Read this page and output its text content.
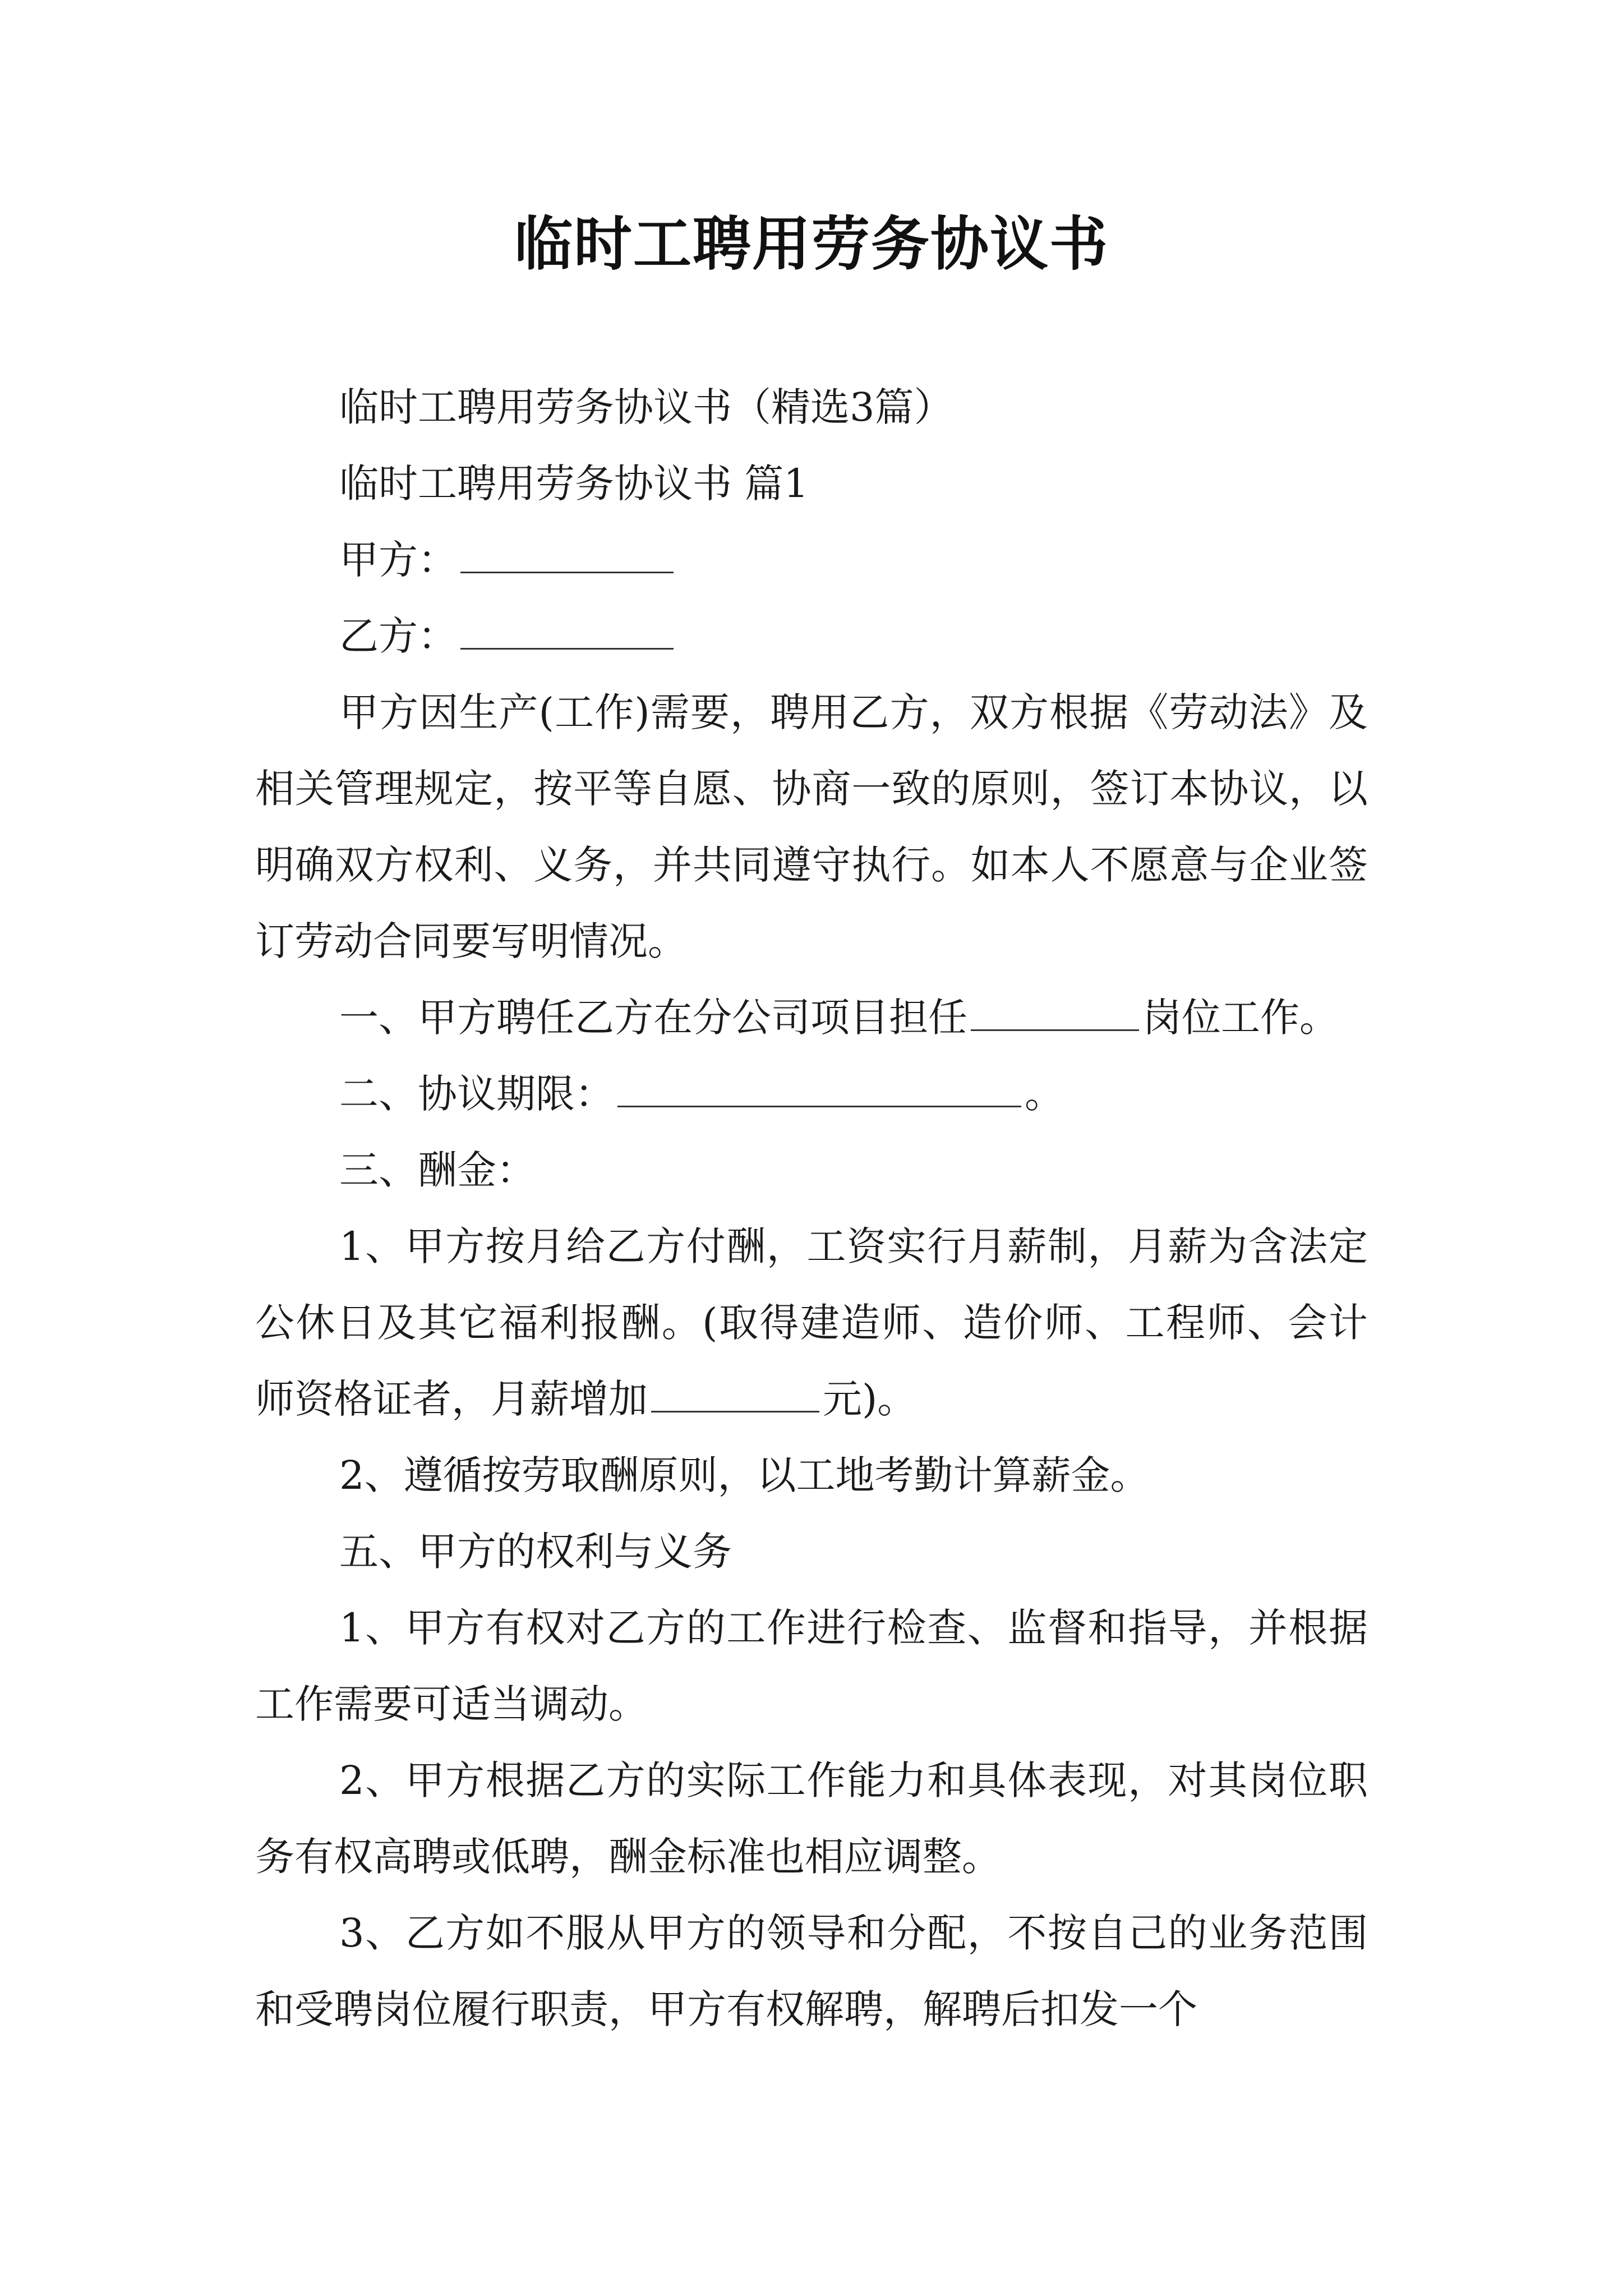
临时工聘用劳务协议书

临时工聘用劳务协议书（精选3篇）

临时工聘用劳务协议书 篇1

甲方：

乙方：

甲方因生产(工作)需要，聘用乙方，双方根据《劳动法》及相关管理规定，按平等自愿、协商一致的原则，签订本协议，以明确双方权利、义务，并共同遵守执行。如本人不愿意与企业签订劳动合同要写明情况。

一、甲方聘任乙方在分公司项目担任	岗位工作。

二、协议期限：	。

三、酬金：

1、甲方按月给乙方付酬，工资实行月薪制，月薪为含法定公休日及其它福利报酬。(取得建造师、造价师、工程师、会计师资格证者，月薪增加	元)。

2、遵循按劳取酬原则，以工地考勤计算薪金。

五、甲方的权利与义务

1、甲方有权对乙方的工作进行检查、监督和指导，并根据工作需要可适当调动。

2、甲方根据乙方的实际工作能力和具体表现，对其岗位职务有权高聘或低聘，酬金标准也相应调整。

3、乙方如不服从甲方的领导和分配，不按自己的业务范围和受聘岗位履行职责，甲方有权解聘，解聘后扣发一个
